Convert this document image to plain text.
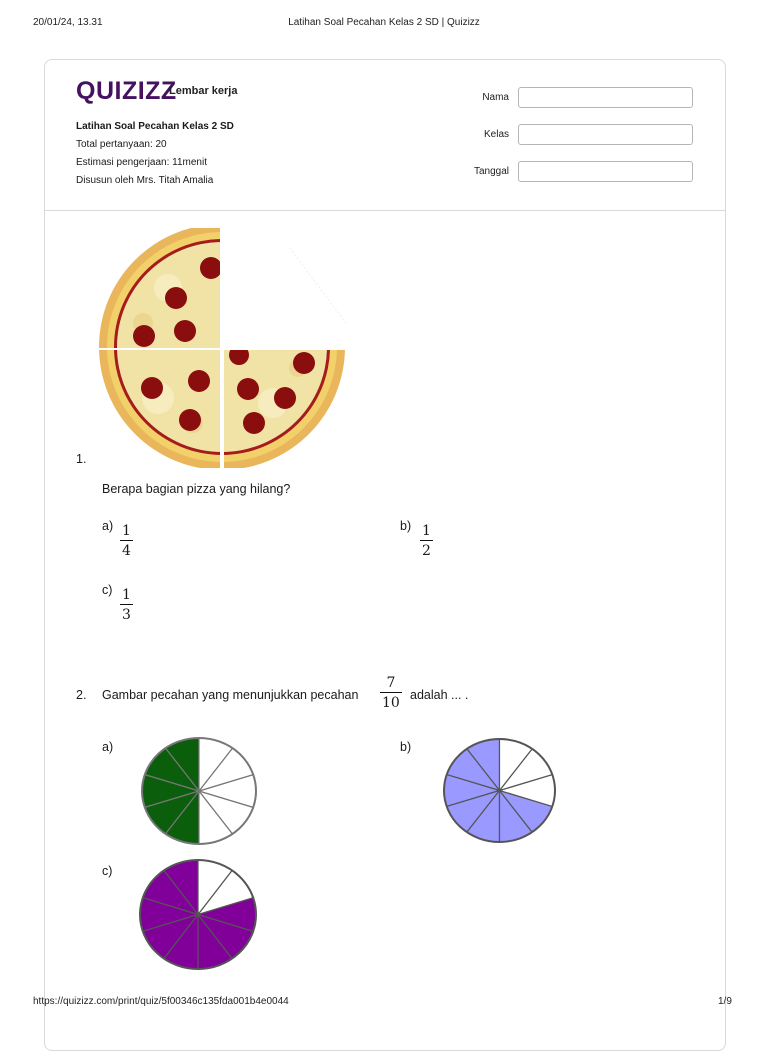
20/01/24, 13.31	Latihan Soal Pecahan Kelas 2 SD | Quizizz
QUIZIZZ
Lembar kerja
Latihan Soal Pecahan Kelas 2 SD
Total pertanyaan: 20
Estimasi pengerjaan: 11menit
Disusun oleh Mrs. Titah Amalia
Nama
Kelas
Tanggal
1.
Berapa bagian pizza yang hilang?
a) 1
4
b) 1
2
c) 1
3
2. Gambar pecahan yang menunjukkan pecahan
7
10 adalah ... .
a)	b)
c)
https://quizizz.com/print/quiz/5f00346c135fda001b4e0044	1/9
